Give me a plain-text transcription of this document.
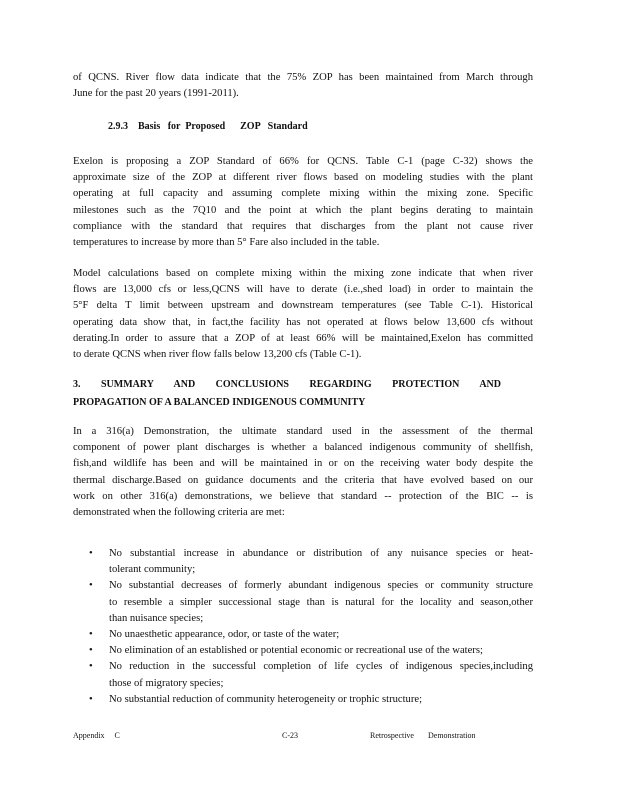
of QCNS. River flow data indicate that the 75% ZOP has been maintained from March through
June for the past 20 years (1991-2011).

2.9.3    Basis   for  Proposed      ZOP   Standard

Exelon is proposing a ZOP Standard of 66% for QCNS. Table C-1 (page C-32) shows the
approximate size of the ZOP at different river flows based on modeling studies with the plant
operating at full capacity and assuming complete mixing within the mixing zone. Specific
milestones such as the 7Q10 and the point at which the plant begins derating to maintain
compliance with the standard that requires that discharges from the plant not cause river
temperatures to increase by more than 5° Fare also included in the table.

Model calculations based on complete mixing within the mixing zone indicate that when river
flows are 13,000 cfs or less,QCNS will have to derate (i.e.,shed load) in order to maintain the
5°F delta T limit between upstream and downstream temperatures (see Table C-1). Historical
operating data show that, in fact,the facility has not operated at flows below 13,600 cfs without
derating.In order to assure that a ZOP of at least 66% will be maintained,Exelon has committed
to derate QCNS when river flow falls below 13,200 cfs (Table C-1).

3. SUMMARY AND CONCLUSIONS REGARDING PROTECTION AND
PROPAGATION OF A BALANCED INDIGENOUS COMMUNITY

In a 316(a) Demonstration, the ultimate standard used in the assessment of the thermal
component of power plant discharges is whether a balanced indigenous community of shellfish,
fish,and wildlife has been and will be maintained in or on the receiving water body despite the
thermal discharge.Based on guidance documents and the criteria that have evolved based on our
work on other 316(a) demonstrations, we believe that standard -- protection of the BIC -- is
demonstrated when the following criteria are met:

• No substantial increase in abundance or distribution of any nuisance species or heat-
tolerant community;
• No substantial decreases of formerly abundant indigenous species or community structure
to resemble a simpler successional stage than is natural for the locality and season,other
than nuisance species;
• No unaesthetic appearance, odor, or taste of the water;
• No elimination of an established or potential economic or recreational use of the waters;
• No reduction in the successful completion of life cycles of indigenous species,including
those of migratory species;
• No substantial reduction of community heterogeneity or trophic structure;

Appendix     C	C-23	Retrospective       Demonstration
